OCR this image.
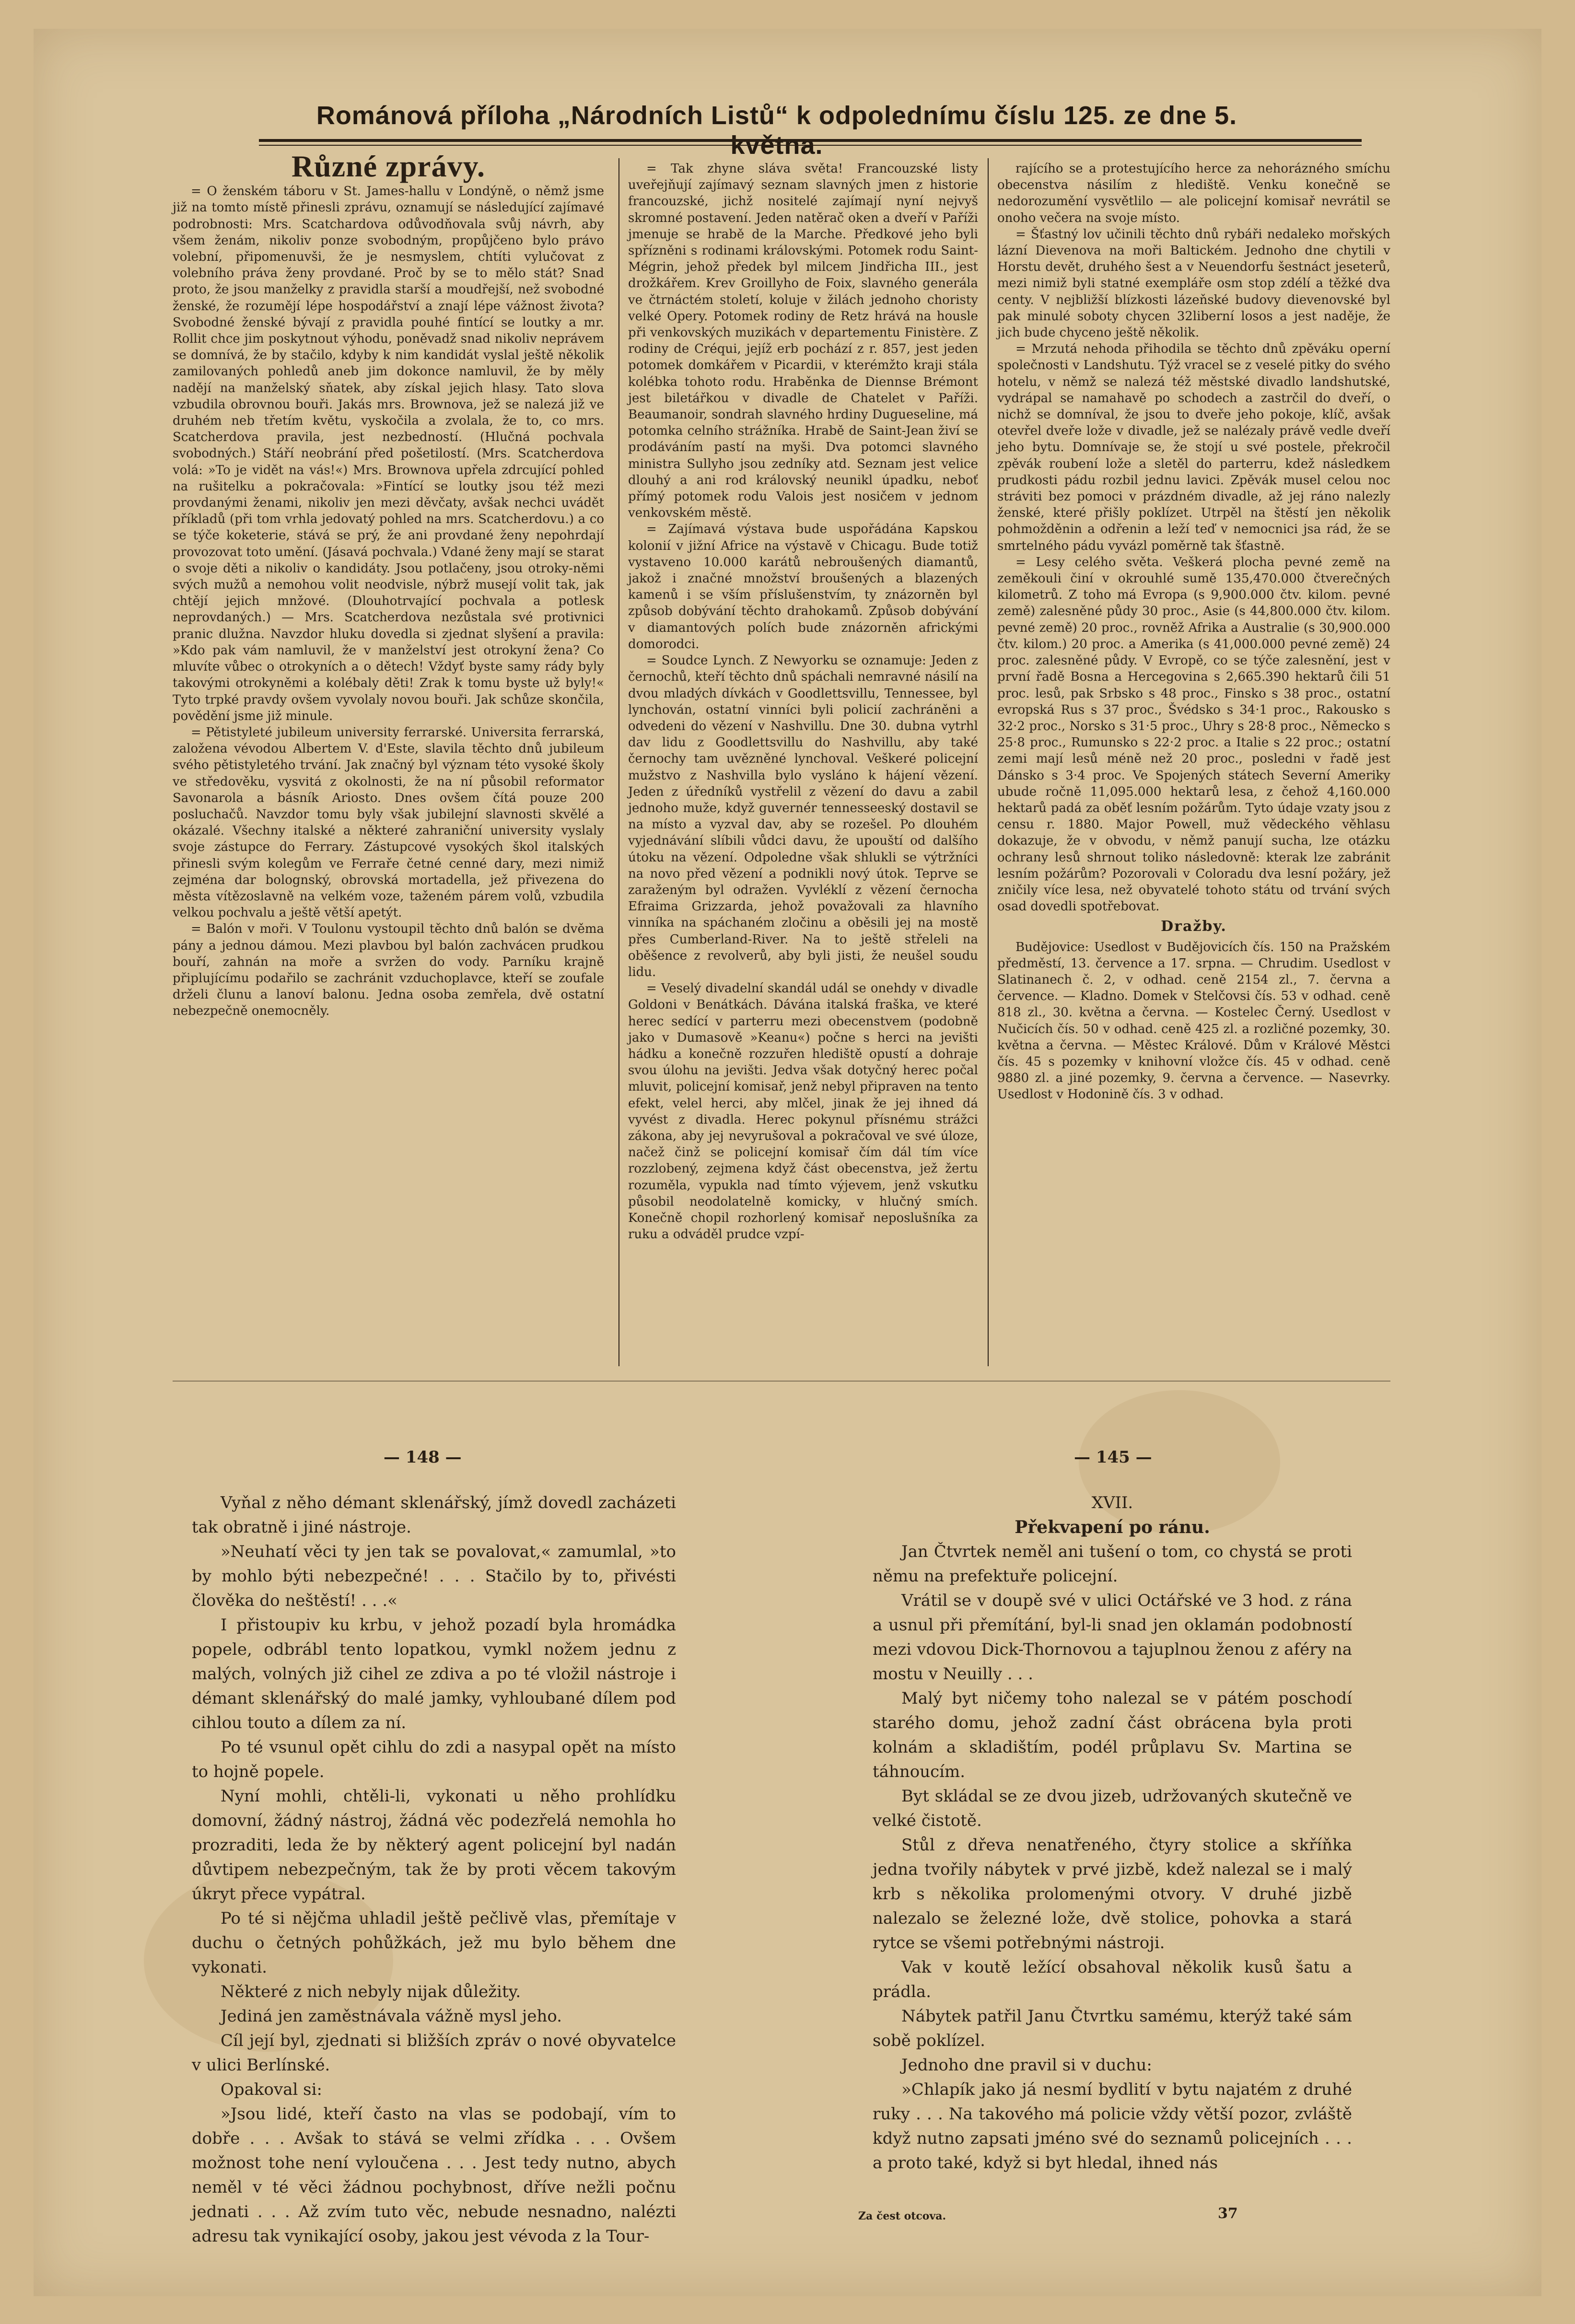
Románová příloha „Národních Listů“ k odpolednímu číslu 125. ze dne 5.

Různé zprávy.

= O ženském táboru v St. James-hallu v Londýně, o němž jsme již na tomto místě přinesli zprávu, oznamují se následující zajímavé podrobnosti: Mrs. Scatchardova odůvodňovala svůj návrh, aby všem ženám, nikoliv ponze svobodným, propůjčeno bylo právo volební, připomenuvši, že je nesmyslem, chtíti vylučovat z volebního práva ženy provdané. Proč by se to mělo stát? Snad proto, že jsou manželky z pravidla starší a moudřejší, než svobodné ženské, že rozumějí lépe hospodářství a znají lépe vážnost života? Svobodné ženské bývají z pravidla pouhé fintící se loutky a mr. Rollit chce jim poskytnout výhodu, poněvadž snad nikoliv neprávem se domnívá, že by stačilo, kdyby k nim kandidát vyslal ještě několik zamilovaných pohledů aneb jim dokonce namluvil, že by měly nadějí na manželský sňatek, aby získal jejich hlasy. Tato slova vzbudila obrovnou bouři. Jakás mrs. Brownova, jež se nalezá již ve druhém neb třetím květu, vyskočila a zvolala, že to, co mrs. Scatcherdova pravila, jest nezbedností. (Hlučná pochvala svobodných.) Stáří neobrání před pošetilostí. (Mrs. Scatcherdova volá: »To je vidět na vás!«) Mrs. Brownova upřela zdrcující pohled na rušitelku a pokračovala: »Fintící se loutky jsou též mezi provdanými ženami, nikoliv jen mezi děvčaty, avšak nechci uvádět příkladů (při tom vrhla jedovatý pohled na mrs. Scatcherdovu.) a co se týče koketerie, stává se prý, že ani provdané ženy nepohrdají provozovat toto umění. (Jásavá pochvala.) Vdané ženy mají se starat o svoje děti a nikoliv o kandidáty. Jsou potlačeny, jsou otroky-němi svých mužů a nemohou volit neodvisle, nýbrž musejí volit tak, jak chtějí jejich mnžové. (Dlouhotrvající pochvala a potlesk neprovdaných.) — Mrs. Scatcherdova nezůstala své protivnici pranic dlužna. Navzdor hluku dovedla si zjednat slyšení a pravila: »Kdo pak vám namluvil, že v manželství jest otrokyní žena? Co mluvíte vůbec o otrokyních a o dětech! Vždyť byste samy rády byly takovými otrokyněmi a kolébaly děti! Zrak k tomu byste už byly!« Tyto trpké pravdy ovšem vyvolaly novou bouři. Jak schůze skončila, povědění jsme již minule.

= Pětistyleté jubileum university ferrarské. Universita ferrarská, založena vévodou Albertem V. d'Este, slavila těchto dnů jubileum svého pětistyletého trvání. Jak značný byl význam této vysoké školy ve středověku, vysvitá z okolnosti, že na ní působil reformator Savonarola a básník Ariosto. Dnes ovšem čítá pouze 200 posluchačů. Navzdor tomu byly však jubilejní slavnosti skvělé a okázalé. Všechny italské a některé zahraniční university vyslaly svoje zástupce do Ferrary. Zástupcové vysokých škol italských přinesli svým kolegům ve Ferraře četné cenné dary, mezi nimiž zejména dar bolognský, obrovská mortadella, jež přivezena do města vítězoslavně na velkém voze, taženém párem volů, vzbudila velkou pochvalu a ještě větší apetýt.

= Balón v moři. V Toulonu vystoupil těchto dnů balón se dvěma pány a jednou dámou. Mezi plavbou byl balón zachvácen prudkou bouří, zahnán na moře a svržen do vody. Parníku krajně připlujícímu podařilo se zachránit vzduchoplavce, kteří se zoufale drželi člunu a lanoví balonu. Jedna osoba zemřela, dvě ostatní nebezpečně onemocněly.

= Tak zhyne sláva světa! Francouzské listy uveřejňují zajímavý seznam slavných jmen z historie francouzské, jichž nositelé zajímají nyní nejvyš skromné postavení. Jeden natěrač oken a dveří v Paříži jmenuje se hrabě de la Marche. Předkové jeho byli spřízněni s rodinami královskými. Potomek rodu Saint-Mégrin, jehož předek byl milcem Jindřicha III., jest drožkářem. Krev Groillyho de Foix, slavného generála ve čtrnáctém století, koluje v žilách jednoho choristy velké Opery. Potomek rodiny de Retz hrává na housle při venkovských muzikách v departementu Finistère. Z rodiny de Créqui, jejíž erb pochází z r. 857, jest jeden potomek domkářem v Picardii, v kterémžto kraji stála kolébka tohoto rodu. Hraběnka de Diennse Brémont jest biletářkou v divadle de Chatelet v Paříži. Beaumanoir, sondrah slavného hrdiny Dugueseline, má potomka celního strážníka. Hrabě de Saint-Jean živí se prodáváním pastí na myši. Dva potomci slavného ministra Sullyho jsou zedníky atd. Seznam jest velice dlouhý a ani rod královský neunikl úpadku, neboť přímý potomek rodu Valois jest nosičem v jednom venkovském městě.

= Zajímavá výstava bude uspořádána Kapskou kolonií v jižní Africe na výstavě v Chicagu. Bude totiž vystaveno 10.000 karátů nebroušených diamantů, jakož i značné množství broušených a blazených kamenů i se vším příslušenstvím, ty znázorněn byl způsob dobývání těchto drahokamů. Způsob dobývání v diamantových polích bude znázorněn africkými domorodci.

= Soudce Lynch. Z Newyorku se oznamuje: Jeden z černochů, kteří těchto dnů spáchali nemravné násilí na dvou mladých dívkách v Goodlettsvillu, Tennessee, byl lynchován, ostatní vinníci byli policií zachráněni a odvedeni do vězení v Nashvillu. Dne 30. dubna vytrhl dav lidu z Goodlettsvillu do Nashvillu, aby také černochy tam uvězněné lynchoval. Veškeré policejní mužstvo z Nashvilla bylo vysláno k hájení vězení. Jeden z úředníků vystřelil z vězení do davu a zabil jednoho muže, když guvernér tennesseeský dostavil se na místo a vyzval dav, aby se rozešel. Po dlouhém vyjednávání slíbili vůdci davu, že upouští od dalšího útoku na vězení. Odpoledne však shlukli se výtržníci na novo před vězení a podnikli nový útok. Teprve se zaraženým byl odražen. Vyvléklí z vězení černocha Efraima Grizzarda, jehož považovali za hlavního vinníka na spáchaném zločinu a oběsili jej na mostě přes Cumberland-River. Na to ještě střeleli na oběšence z revolverů, aby byli jisti, že neušel soudu lidu.

= Veselý divadelní skandál udál se onehdy v divadle Goldoni v Benátkách. Dávána italská fraška, ve které herec sedící v parterru mezi obecenstvem (podobně jako v Dumasově »Keanu«) počne s herci na jevišti hádku a konečně rozzuřen hlediště opustí a dohraje svou úlohu na jevišti. Jedva však dotyčný herec počal mluvit, policejní komisař, jenž nebyl připraven na tento efekt, velel herci, aby mlčel, jinak že jej ihned dá vyvést z divadla. Herec pokynul přísnému strážci zákona, aby jej nevyrušoval a pokračoval ve své úloze, načež činž se policejní komisař čím dál tím více rozzlobený, zejmena když část obecenstva, jež žertu rozuměla, vypukla nad tímto výjevem, jenž vskutku působil neodolatelně komicky, v hlučný smích. Konečně chopil rozhorlený komisař neposlušníka za ruku a odváděl prudce vzpí-

rajícího se a protestujícího herce za nehorázného smíchu obecenstva násilím z hlediště. Venku konečně se nedorozumění vysvětlilo — ale policejní komisař nevrátil se onoho večera na svoje místo.

= Šťastný lov učinili těchto dnů rybáři nedaleko mořských lázní Dievenova na moři Baltickém. Jednoho dne chytili v Horstu devět, druhého šest a v Neuendorfu šestnáct jeseterů, mezi nimiž byli statné exempláře osm stop zdélí a těžké dva centy. V nejbližší blízkosti lázeňské budovy dievenovské byl pak minulé soboty chycen 32liberní losos a jest naděje, že jich bude chyceno ještě několik.

= Mrzutá nehoda přihodila se těchto dnů zpěváku operní společnosti v Landshutu. Týž vracel se z veselé pitky do svého hotelu, v němž se nalezá též městské divadlo landshutské, vydrápal se namahavě po schodech a zastrčil do dveří, o nichž se domníval, že jsou to dveře jeho pokoje, klíč, avšak otevřel dveře lože v divadle, jež se nalézaly právě vedle dveří jeho bytu. Domnívaje se, že stojí u své postele, překročil zpěvák roubení lože a sletěl do parterru, kdež následkem prudkosti pádu rozbil jednu lavici. Zpěvák musel celou noc stráviti bez pomoci v prázdném divadle, až jej ráno nalezly ženské, které přišly poklízet. Utrpěl na štěstí jen několik pohmožděnin a odřenin a leží teď v nemocnici jsa rád, že se smrtelného pádu vyvázl poměrně tak šťastně.

= Lesy celého světa. Veškerá plocha pevné země na zeměkouli činí v okrouhlé sumě 135,470.000 čtverečných kilometrů. Z toho má Evropa (s 9,900.000 čtv. kilom. pevné země) zalesněné půdy 30 proc., Asie (s 44,800.000 čtv. kilom. pevné země) 20 proc., rovněž Afrika a Australie (s 30,900.000 čtv. kilom.) 20 proc. a Amerika (s 41,000.000 pevné země) 24 proc. zalesněné půdy. V Evropě, co se týče zalesnění, jest v první řadě Bosna a Hercegovina s 2,665.390 hektarů čili 51 proc. lesů, pak Srbsko s 48 proc., Finsko s 38 proc., ostatní evropská Rus s 37 proc., Švédsko s 34·1 proc., Rakousko s 32·2 proc., Norsko s 31·5 proc., Uhry s 28·8 proc., Německo s 25·8 proc., Rumunsko s 22·2 proc. a Italie s 22 proc.; ostatní zemi mají lesů méně než 20 proc., posledni v řadě jest Dánsko s 3·4 proc. Ve Spojených státech Severní Ameriky ubude ročně 11,095.000 hektarů lesa, z čehož 4,160.000 hektarů padá za oběť lesním požárům. Tyto údaje vzaty jsou z censu r. 1880. Major Powell, muž vědeckého věhlasu dokazuje, že v obvodu, v němž panují sucha, lze otázku ochrany lesů shrnout toliko následovně: kterak lze zabránit lesním požárům? Pozorovali v Coloradu dva lesní požáry, jež zničily více lesa, než obyvatelé tohoto státu od trvání svých osad dovedli spotřebovat.

Dražby.

Budějovice: Usedlost v Budějovicích čís. 150 na Pražském předměstí, 13. července a 17. srpna. — Chrudim. Usedlost v Slatinanech č. 2, v odhad. ceně 2154 zl., 7. června a července. — Kladno. Domek v Stelčovsi čís. 53 v odhad. ceně 818 zl., 30. května a června. — Kostelec Černý. Usedlost v Nučicích čís. 50 v odhad. ceně 425 zl. a rozličné pozemky, 30. května a června. — Městec Králové. Dům v Králové Městci čís. 45 s pozemky v knihovní vložce čís. 45 v odhad. ceně 9880 zl. a jiné pozemky, 9. června a července. — Nasevrky. Usedlost v Hodonině čís. 3 v odhad.

— 148 —

Vyňal z něho démant sklenářský, jímž dovedl zacházeti tak obratně i jiné nástroje.

»Neuhatí věci ty jen tak se povalovat,« zamumlal, »to by mohlo býti nebezpečné! . . . Stačilo by to, přivésti člověka do neštěstí! . . .«

I přistoupiv ku krbu, v jehož pozadí byla hromádka popele, odbrábl tento lopatkou, vymkl nožem jednu z malých, volných již cihel ze zdiva a po té vložil nástroje i démant sklenářský do malé jamky, vyhloubané dílem pod cihlou touto a dílem za ní.

Po té vsunul opět cihlu do zdi a nasypal opět na místo to hojně popele.

Nyní mohli, chtěli-li, vykonati u něho prohlídku domovní, žádný nástroj, žádná věc podezřelá nemohla ho prozraditi, leda že by některý agent policejní byl nadán důvtipem nebezpečným, tak že by proti věcem takovým úkryt přece vypátral.

Po té si nějčma uhladil ještě pečlivě vlas, přemítaje v duchu o četných pohůžkách, jež mu bylo během dne vykonati.

Některé z nich nebyly nijak důležity.

Jediná jen zaměstnávala vážně mysl jeho.

Cíl její byl, zjednati si bližších zpráv o nové obyvatelce v ulici Berlínské.

Opakoval si:

»Jsou lidé, kteří často na vlas se podobají, vím to dobře . . . Avšak to stává se velmi zřídka . . . Ovšem možnost tohe není vyloučena . . . Jest tedy nutno, abych neměl v té věci žádnou pochybnost, dříve nežli počnu jednati . . . Až zvím tuto věc, nebude nesnadno, nalézti adresu tak vynikající osoby, jakou jest vévoda z la Tour-

— 145 —

XVII.

Překvapení po ránu.

Jan Čtvrtek neměl ani tušení o tom, co chystá se proti němu na prefektuře policejní.

Vrátil se v doupě své v ulici Octářské ve 3 hod. z rána a usnul při přemítání, byl-li snad jen oklamán podobností mezi vdovou Dick-Thornovou a tajuplnou ženou z aféry na mostu v Neuilly . . .

Malý byt ničemy toho nalezal se v pátém poschodí starého domu, jehož zadní část obrácena byla proti kolnám a skladištím, podél průplavu Sv. Martina se táhnoucím.

Byt skládal se ze dvou jizeb, udržovaných skutečně ve velké čistotě.

Stůl z dřeva nenatřeného, čtyry stolice a skříňka jedna tvořily nábytek v prvé jizbě, kdež nalezal se i malý krb s několika prolomenými otvory. V druhé jizbě nalezalo se železné lože, dvě stolice, pohovka a stará rytce se všemi potřebnými nástroji.

Vak v koutě ležící obsahoval několik kusů šatu a prádla.

Nábytek patřil Janu Čtvrtku samému, kterýž také sám sobě poklízel.

Jednoho dne pravil si v duchu:

»Chlapík jako já nesmí bydlití v bytu najatém z druhé ruky . . . Na takového má policie vždy větší pozor, zvláště když nutno zapsati jméno své do seznamů policejních . . . a proto také, když si byt hledal, ihned nás

Za čest otcova.	37
